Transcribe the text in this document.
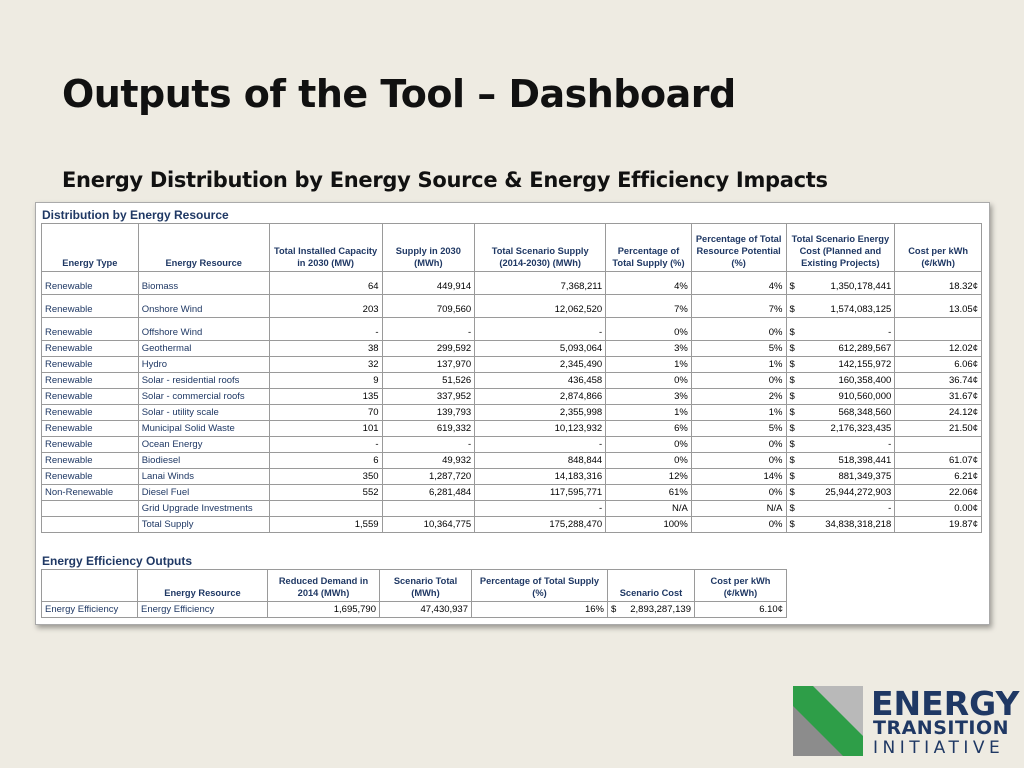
Outputs of the Tool – Dashboard
Energy Distribution by Energy Source & Energy Efficiency Impacts
Distribution by Energy Resource
Energy Type	Energy Resource	Total Installed Capacity in 2030 (MW)	Supply in 2030 (MWh)	Total Scenario Supply (2014-2030) (MWh)	Percentage of Total Supply (%)	Percentage of Total Resource Potential (%)	Total Scenario Energy Cost (Planned and Existing Projects)	Cost per kWh (¢/kWh)
Renewable	Biomass	64	449,914	7,368,211	4%	4%	$ 1,350,178,441	18.32¢
Renewable	Onshore Wind	203	709,560	12,062,520	7%	7%	$ 1,574,083,125	13.05¢
Renewable	Offshore Wind	-	-	-	0%	0%	$ -	

Renewable	Geothermal	38	299,592	5,093,064	3%	5%	$ 612,289,567	12.02¢
Renewable	Hydro	32	137,970	2,345,490	1%	1%	$ 142,155,972	6.06¢
Renewable	Solar - residential roofs	9	51,526	436,458	0%	0%	$ 160,358,400	36.74¢
Renewable	Solar - commercial roofs	135	337,952	2,874,866	3%	2%	$ 910,560,000	31.67¢
Renewable	Solar - utility scale	70	139,793	2,355,998	1%	1%	$ 568,348,560	24.12¢
Renewable	Municipal Solid Waste	101	619,332	10,123,932	6%	5%	$ 2,176,323,435	21.50¢
Renewable	Ocean Energy	-	-	-	0%	0%	$ -	

Renewable	Biodiesel	6	49,932	848,844	0%	0%	$ 518,398,441	61.07¢
Renewable	Lanai Winds	350	1,287,720	14,183,316	12%	14%	$ 881,349,375	6.21¢
Non-Renewable	Diesel Fuel	552	6,281,484	117,595,771	61%	0%	$ 25,944,272,903	22.06¢
	Grid Upgrade Investments			-	N/A	N/A	$ -	0.00¢
	Total Supply	1,559	10,364,775	175,288,470	100%	0%	$ 34,838,318,218	19.87¢
Energy Efficiency Outputs
	Energy Resource	Reduced Demand in 2014 (MWh)	Scenario Total (MWh)	Percentage of Total Supply (%)	Scenario Cost	Cost per kWh (¢/kWh)
Energy Efficiency	Energy Efficiency	1,695,790	47,430,937	16%	$ 2,893,287,139	6.10¢
ENERGY
TRANSITION
INITIATIVE
